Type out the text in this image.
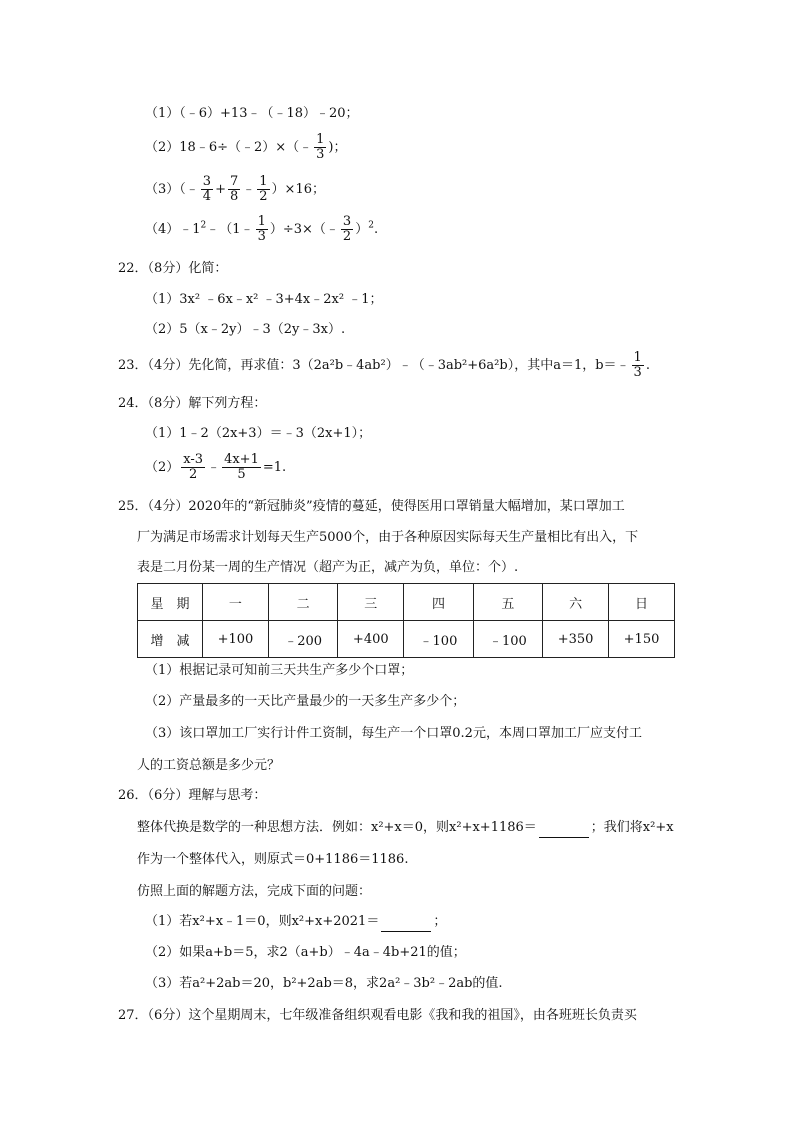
（1）（﹣6）+13﹣（﹣18）﹣20；
（2）18﹣6÷（﹣2）×（﹣ $\frac{1}{3}$ )；
（3）（﹣ $\frac{3}{4} + \frac{7}{8}$ ﹣ $\frac{1}{2} )\times 16$；
$(4)﹣1^2﹣(1﹣ \frac{1}{3}$ ）÷3×（﹣ $\frac{3}{2} )^2$.
22．（8分）化简：
（1）3x² ﹣6x﹣x² ﹣3+4x﹣2x² ﹣1；
（2）5（x﹣2y）﹣3（2y﹣3x）.
23．（4分）先化简，再求值：3（2a²b﹣4ab²）﹣（﹣3ab²+6a²b），其中a＝1，b＝﹣ $\frac{1}{3}$ .
24．（8分）解下列方程：
（1）1﹣2（2x+3）＝﹣3（2x+1）；
$(2) \frac{x-3}{2}$ ﹣ $\frac{4x+1}{5} =1$.
25．（4分）2020年的“新冠肺炎”疫情的蔓延，使得医用口罩销量大幅增加，某口罩加工
厂为满足市场需求计划每天生产5000个，由于各种原因实际每天生产量相比有出入，下
表是二月份某一周的生产情况（超产为正，减产为负，单位：个）.
星　期	一	二	三	四	五	六	日
增　减	+100	﹣200	+400	﹣100	﹣100	+350	+150
（1）根据记录可知前三天共生产多少个口罩；
（2）产量最多的一天比产量最少的一天多生产多少个；
（3）该口罩加工厂实行计件工资制，每生产一个口罩0.2元，本周口罩加工厂应支付工
人的工资总额是多少元？
26．（6分）理解与思考：
整体代换是数学的一种思想方法．例如：x²+x＝0，则x²+x+1186＝	；我们将x²+x
作为一个整体代入，则原式＝0+1186＝1186.
仿照上面的解题方法，完成下面的问题：
（1）若x²+x﹣1＝0，则x²+x+2021＝	；
（2）如果a+b＝5，求2（a+b）﹣4a﹣4b+21的值；
（3）若a²+2ab＝20，b²+2ab＝8，求2a²﹣3b²﹣2ab的值.
27．（6分）这个星期周末，七年级准备组织观看电影《我和我的祖国》，由各班班长负责买
